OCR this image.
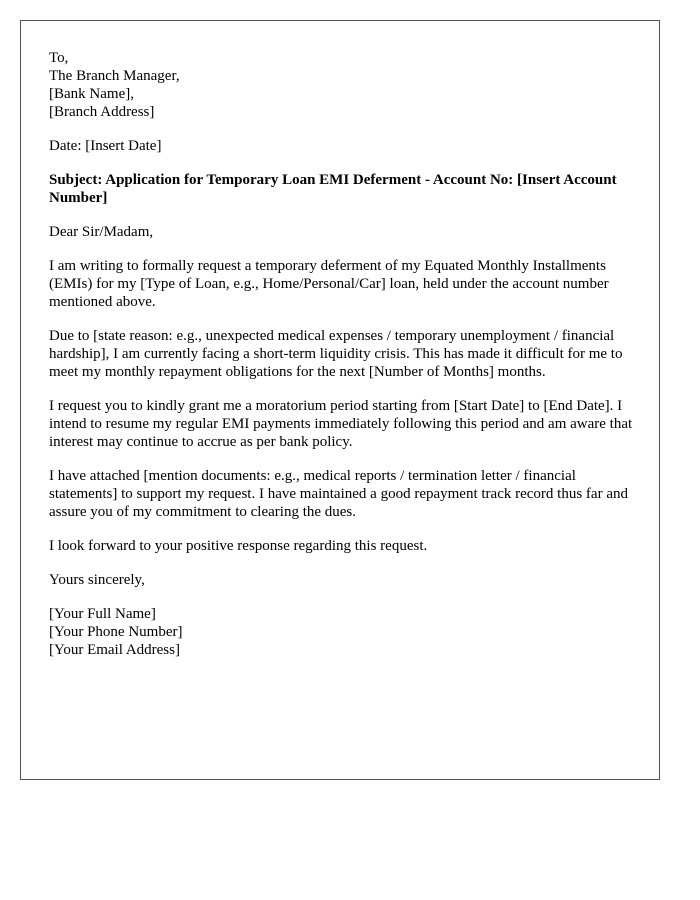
To,
The Branch Manager,
[Bank Name],
[Branch Address]

Date: [Insert Date]

Subject: Application for Temporary Loan EMI Deferment - Account No: [Insert Account Number]

Dear Sir/Madam,

I am writing to formally request a temporary deferment of my Equated Monthly Installments (EMIs) for my [Type of Loan, e.g., Home/Personal/Car] loan, held under the account number mentioned above.

Due to [state reason: e.g., unexpected medical expenses / temporary unemployment / financial hardship], I am currently facing a short-term liquidity crisis. This has made it difficult for me to meet my monthly repayment obligations for the next [Number of Months] months.

I request you to kindly grant me a moratorium period starting from [Start Date] to [End Date]. I intend to resume my regular EMI payments immediately following this period and am aware that interest may continue to accrue as per bank policy.

I have attached [mention documents: e.g., medical reports / termination letter / financial statements] to support my request. I have maintained a good repayment track record thus far and assure you of my commitment to clearing the dues.

I look forward to your positive response regarding this request.

Yours sincerely,

[Your Full Name]
[Your Phone Number]
[Your Email Address]
